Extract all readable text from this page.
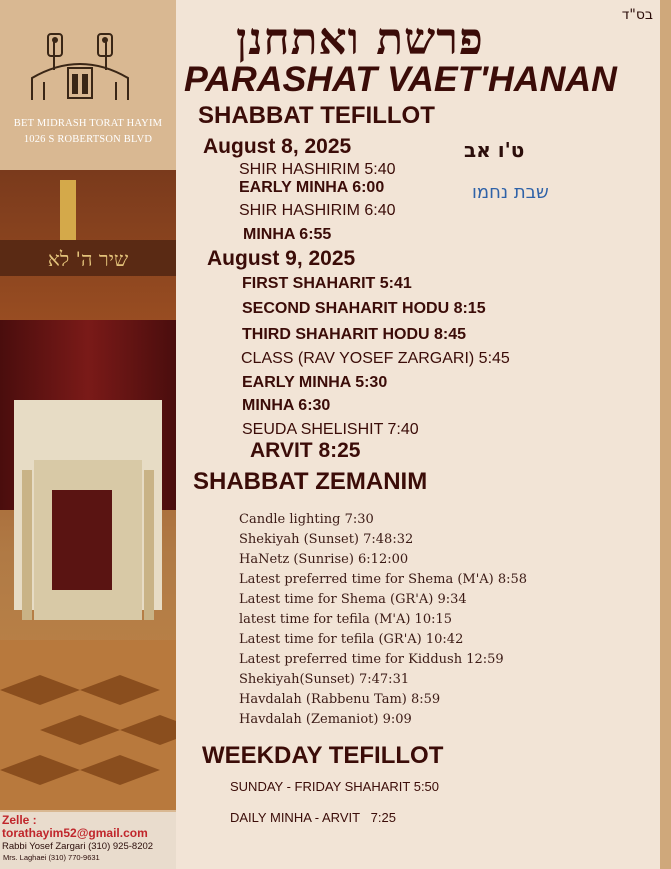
BET MIDRASH TORAT HAYIM
1026 S ROBERTSON BLVD
שיר ה' לא
Zelle :
torathayim52@gmail.com
Rabbi Yosef Zargari (310) 925-8202
Mrs. Laghaei (310) 770-9631
בס"ד
פרשת ואתחנן
PARASHAT VAET'HANAN
SHABBAT TEFILLOT
August 8, 2025	ט'ו אב
שבת נחמו
SHIR HASHIRIM 5:40
EARLY MINHA 6:00
SHIR HASHIRIM 6:40
MINHA 6:55
August 9, 2025
FIRST SHAHARIT 5:41
SECOND SHAHARIT HODU 8:15
THIRD SHAHARIT HODU 8:45
CLASS (RAV YOSEF ZARGARI) 5:45
EARLY MINHA 5:30
MINHA 6:30
SEUDA SHELISHIT 7:40
ARVIT 8:25
SHABBAT ZEMANIM
Candle lighting 7:30
Shekiyah (Sunset) 7:48:32
HaNetz (Sunrise) 6:12:00
Latest preferred time for Shema (M'A) 8:58
Latest time for Shema (GR'A) 9:34
latest time for tefila (M'A) 10:15
Latest time for tefila (GR'A) 10:42
Latest preferred time for Kiddush 12:59
Shekiyah(Sunset) 7:47:31
Havdalah (Rabbenu Tam) 8:59
Havdalah (Zemaniot) 9:09
WEEKDAY TEFILLOT
SUNDAY - FRIDAY SHAHARIT 5:50
DAILY MINHA - ARVIT   7:25
